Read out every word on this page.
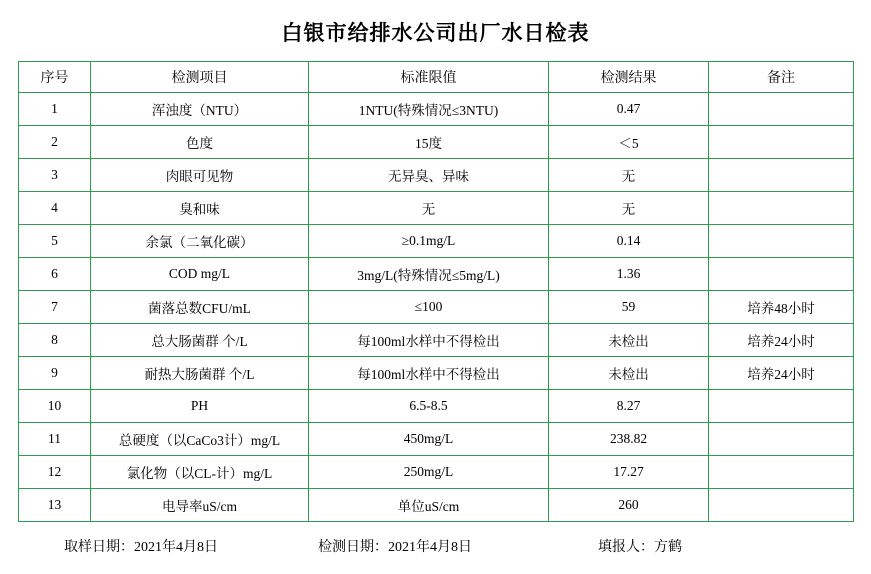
白银市给排水公司出厂水日检表
序号	检测项目	标准限值	检测结果	备注
1	浑浊度（NTU）	1NTU(特殊情况≤3NTU)	0.47	
2	色度	15度	＜5	
3	肉眼可见物	无异臭、异味	无	
4	臭和味	无	无	
5	余氯（二氧化碳）	≥0.1mg/L	0.14	
6	COD mg/L	3mg/L(特殊情况≤5mg/L)	1.36	
7	菌落总数CFU/mL	≤100	59	培养48小时
8	总大肠菌群 个/L	每100ml水样中不得检出	未检出	培养24小时
9	耐热大肠菌群 个/L	每100ml水样中不得检出	未检出	培养24小时
10	PH	6.5-8.5	8.27	
11	总硬度（以CaCo3计）mg/L	450mg/L	238.82	
12	氯化物（以CL-计）mg/L	250mg/L	17.27	
13	电导率uS/cm	单位uS/cm	260	
取样日期：2021年4月8日	检测日期：2021年4月8日	填报人：方鹤
